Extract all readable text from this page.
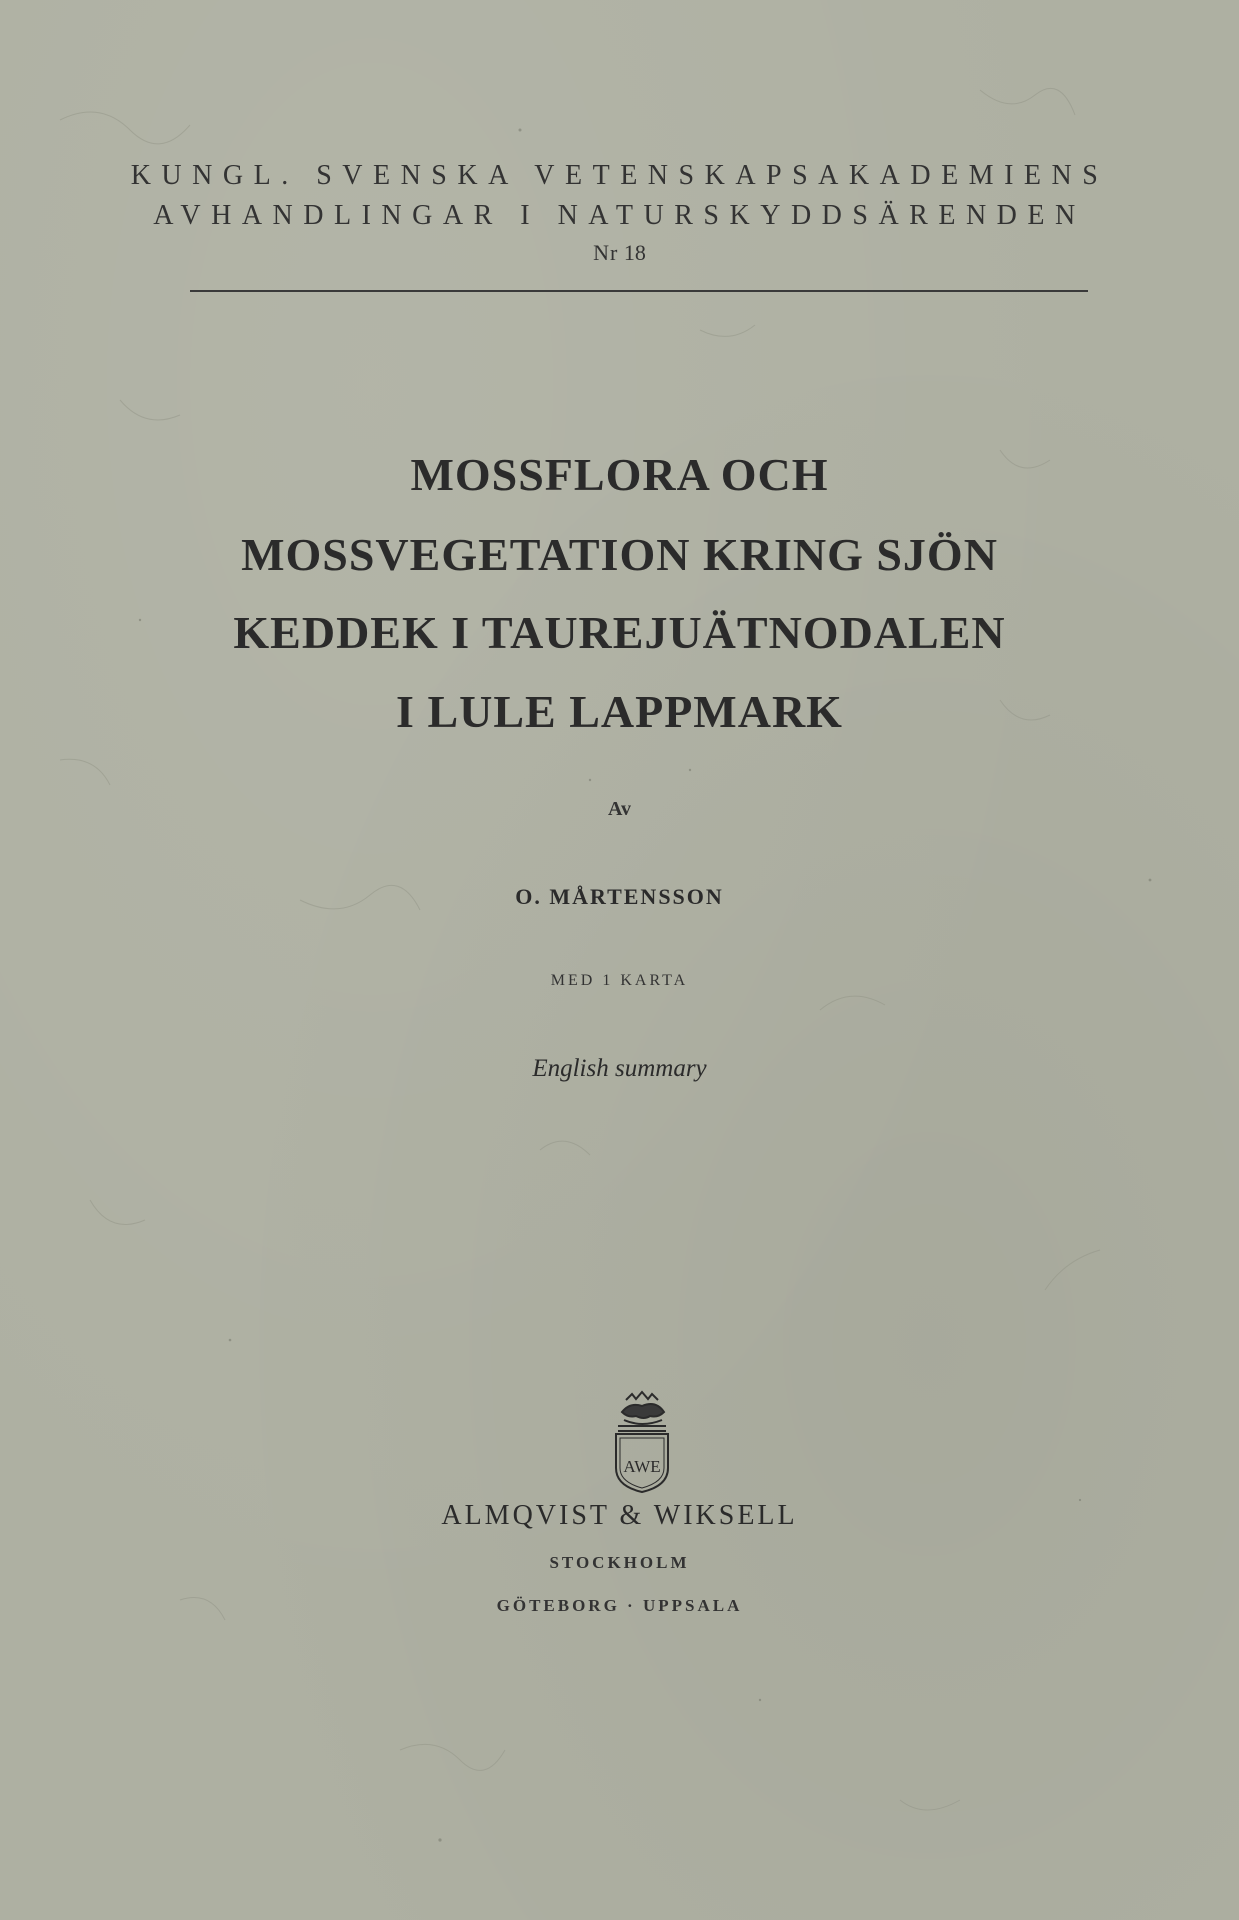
KUNGL. SVENSKA VETENSKAPSAKADEMIENS
AVHANDLINGAR I NATURSKYDDSÄRENDEN
Nr 18
MOSSFLORA OCH
MOSSVEGETATION KRING SJÖN
KEDDEK I TAUREJUÄTNODALEN
I LULE LAPPMARK
Av
O. MÅRTENSSON
MED 1 KARTA
English summary
AWE
ALMQVIST & WIKSELL
STOCKHOLM
GÖTEBORG · UPPSALA
